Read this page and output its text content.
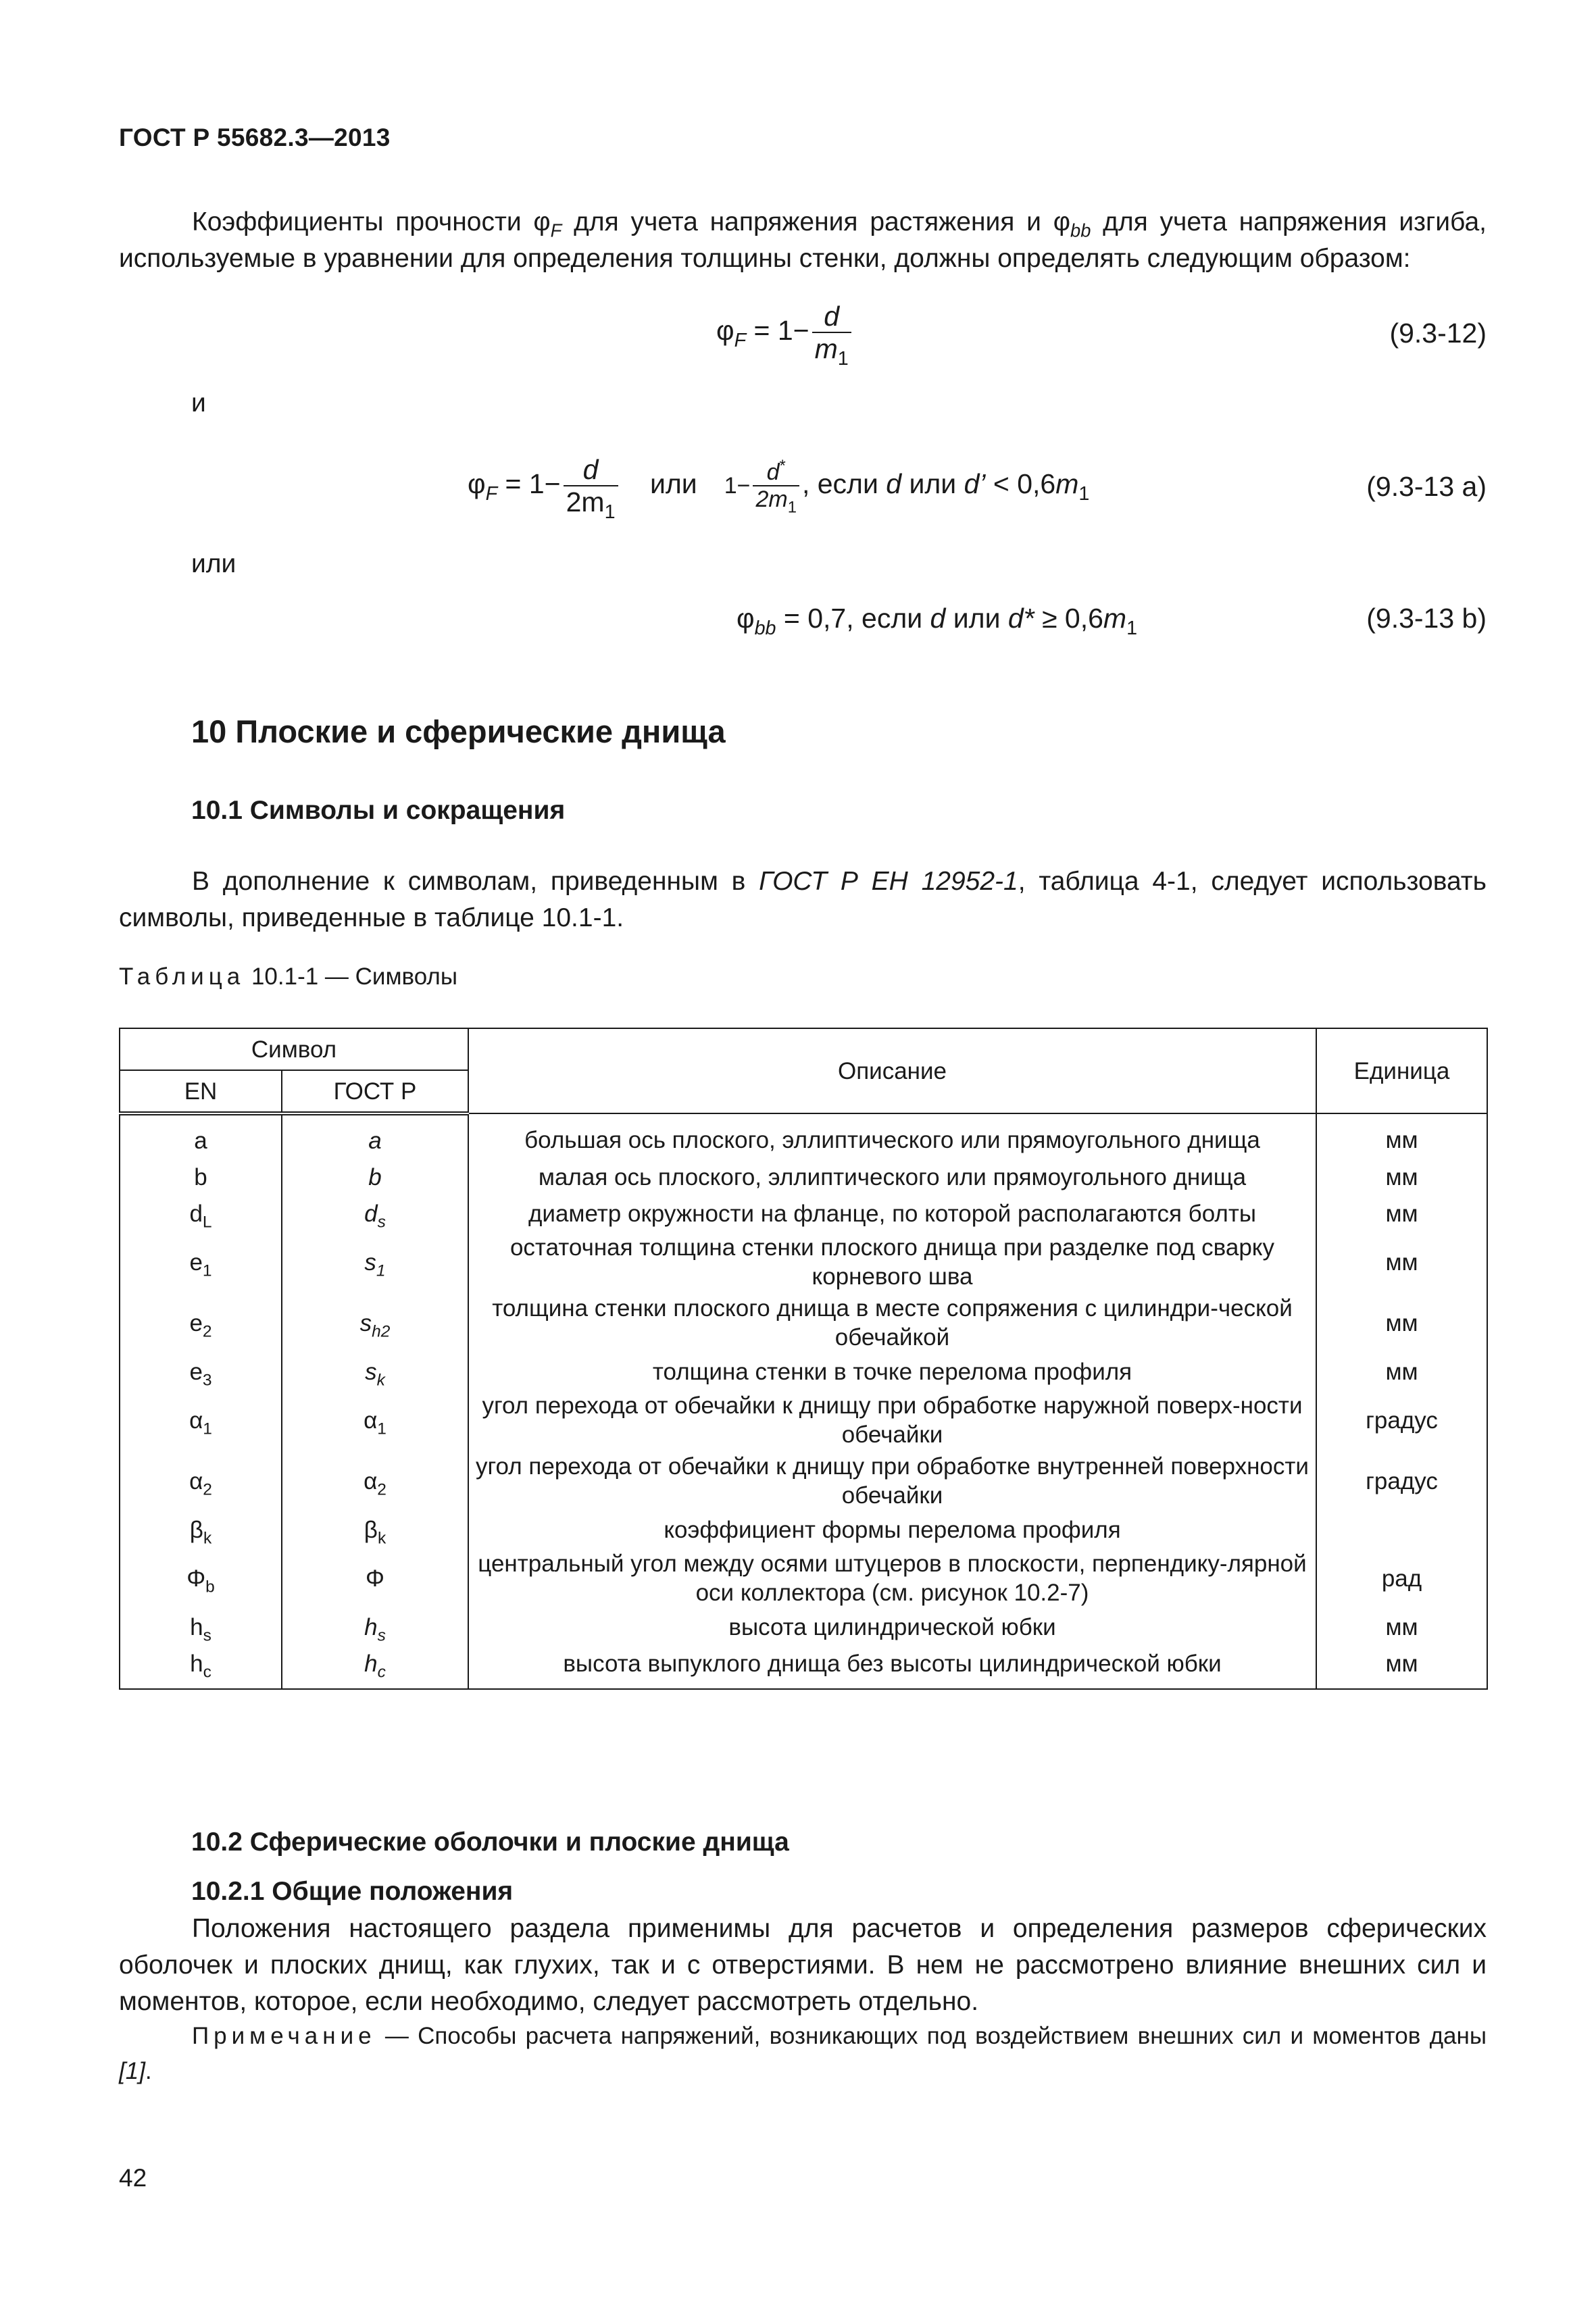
ГОСТ Р 55682.3—2013
Коэффициенты прочности $\varphi_F$ для учета напряжения растяжения и $\varphi_{bb}$ для учета напряжения изгиба, используемые в уравнении для определения толщины стенки, должны определять следующим образом:
$\varphi_F = 1- \frac{d}{m_1}$	(9.3-12)
и
$\varphi_F = 1- \frac{d}{2m_1}$ или $1- \frac{d^*}{2m_1}$ , если d или d’ < $0,6m_1$	(9.3-13 a)
или
$\varphi_{bb} = 0,7$, если d или $d* \ge 0,6m_1$	(9.3-13 b)
10 Плоские и сферические днища
10.1 Символы и сокращения
В дополнение к символам, приведенным в ГОСТ Р ЕН 12952-1, таблица 4-1, следует использовать символы, приведенные в таблице 10.1-1.
Таблица 10.1-1 — Символы
Символ		Описание	Единица
EN	ГОСТ Р		
a	a	большая ось плоского, эллиптического или прямоугольного днища	мм
b	b	малая ось плоского, эллиптического или прямоугольного днища	мм
$d_L$	$d_s$	диаметр окружности на фланце, по которой располагаются болты	мм
$e_1$	$s_1$	остаточная толщина стенки плоского днища при разделке под сварку корневого шва	мм
$e_2$	$s_{h2}$	толщина стенки плоского днища в месте сопряжения с цилиндри-ческой обечайкой	мм
$e_3$	$s_k$	толщина стенки в точке перелома профиля	мм
$\alpha_1$	$\alpha_1$	угол перехода от обечайки к днищу при обработке наружной поверх-ности обечайки	градус
$\alpha_2$	$\alpha_2$	угол перехода от обечайки к днищу при обработке внутренней поверхности обечайки	градус
$\beta_k$	$\beta_k$	коэффициент формы перелома профиля	
$\Phi_b$	Φ	центральный угол между осями штуцеров в плоскости, перпендику-лярной оси коллектора (см. рисунок 10.2-7)	рад
$h_s$	$h_s$	высота цилиндрической юбки	мм
$h_c$	$h_c$	высота выпуклого днища без высоты цилиндрической юбки	мм
10.2 Сферические оболочки и плоские днища
10.2.1 Общие положения
Положения настоящего раздела применимы для расчетов и определения размеров сферических оболочек и плоских днищ, как глухих, так и с отверстиями. В нем не рассмотрено влияние внешних сил и моментов, которое, если необходимо, следует рассмотреть отдельно.
Примечание — Способы расчета напряжений, возникающих под воздействием внешних сил и моментов даны [1].
42
